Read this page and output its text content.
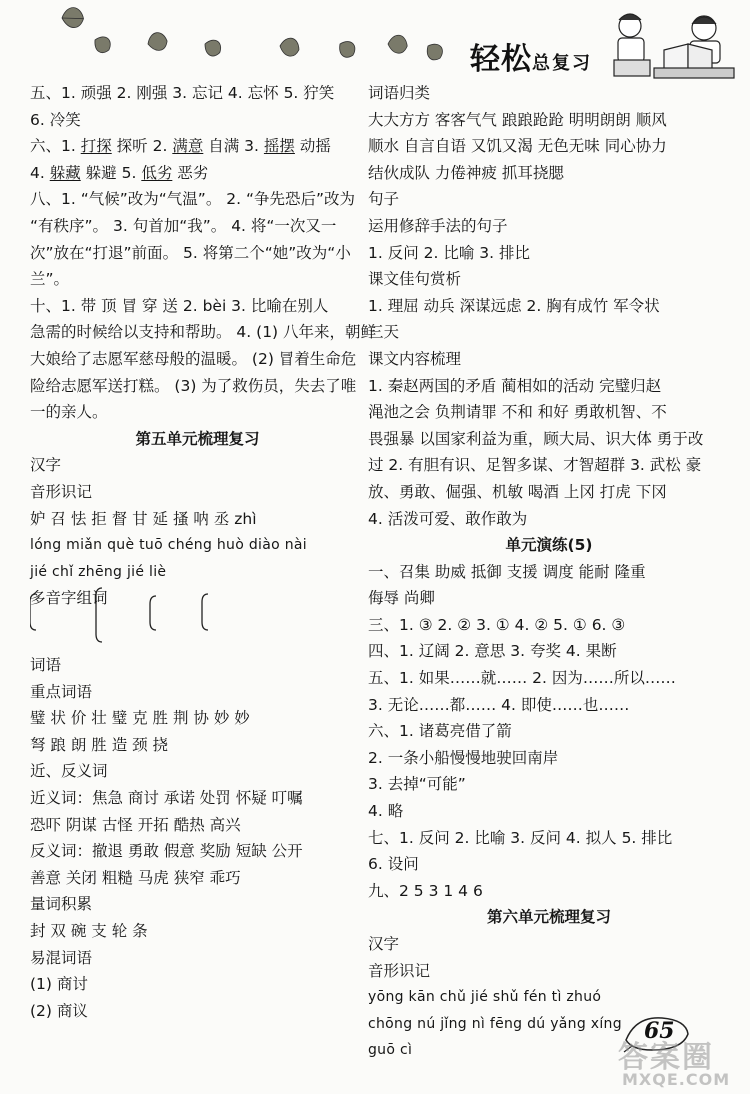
轻松总复习
五、1. 顽强 2. 刚强 3. 忘记 4. 忘怀 5. 狞笑
6. 冷笑
六、1. 打探 探听 2. 满意 自满 3. 摇摆 动摇
4. 躲藏 躲避 5. 低劣 恶劣
八、1. “气候”改为“气温”。 2. “争先恐后”改为
“有秩序”。 3. 句首加“我”。 4. 将“一次又一
次”放在“打退”前面。 5. 将第二个“她”改为“小
兰”。
十、1. 带 顶 冒 穿 送 2. bèi 3. 比喻在别人
急需的时候给以支持和帮助。 4. (1) 八年来，朝鲜
大娘给了志愿军慈母般的温暖。 (2) 冒着生命危
险给志愿军送打糕。 (3) 为了救伤员，失去了唯
一的亲人。
第五单元梳理复习
汉字
音形识记
妒 召 怯 拒 督 甘 延 搔 呐 丞 zhì
lóng miǎn què tuō chéng huò diào nài
jié chǐ zhēng jié liè
多音字组词
词语
重点词语
璧 状 价 壮 璧 克 胜 荆 协 妙 妙
弩 踉 朗 胜 造 颈 挠
近、反义词
近义词：焦急 商讨 承诺 处罚 怀疑 叮嘱
恐吓 阴谋 古怪 开拓 酷热 高兴
反义词：撤退 勇敢 假意 奖励 短缺 公开
善意 关闭 粗糙 马虎 狭窄 乖巧
量词积累
封 双 碗 支 轮 条
易混词语
(1) 商讨
(2) 商议
词语归类
大大方方 客客气气 踉踉跄跄 明明朗朗 顺风
顺水 自言自语 又饥又渴 无色无味 同心协力
结伙成队 力倦神疲 抓耳挠腮
句子
运用修辞手法的句子
1. 反问 2. 比喻 3. 排比
课文佳句赏析
1. 理屈 动兵 深谋远虑 2. 胸有成竹 军令状
三天
课文内容梳理
1. 秦赵两国的矛盾 蔺相如的活动 完璧归赵
渑池之会 负荆请罪 不和 和好 勇敢机智、不
畏强暴 以国家利益为重，顾大局、识大体 勇于改
过 2. 有胆有识、足智多谋、才智超群 3. 武松 豪
放、勇敢、倔强、机敏 喝酒 上冈 打虎 下冈
4. 活泼可爱、敢作敢为
单元演练(5)
一、召集 助威 抵御 支援 调度 能耐 隆重
侮辱 尚卿
三、1. ③ 2. ② 3. ① 4. ② 5. ① 6. ③
四、1. 辽阔 2. 意思 3. 夸奖 4. 果断
五、1. 如果……就…… 2. 因为……所以……
3. 无论……都…… 4. 即使……也……
六、1. 诸葛亮借了箭
2. 一条小船慢慢地驶回南岸
3. 去掉“可能”
4. 略
七、1. 反问 2. 比喻 3. 反问 4. 拟人 5. 排比
6. 设问
九、2 5 3 1 4 6
第六单元梳理复习
汉字
音形识记
yōng kān chǔ jié shǔ fén tì zhuó
chōng nú jǐng nì fēng dú yǎng xíng
guō cì
65
答案圈
MXQE.COM
